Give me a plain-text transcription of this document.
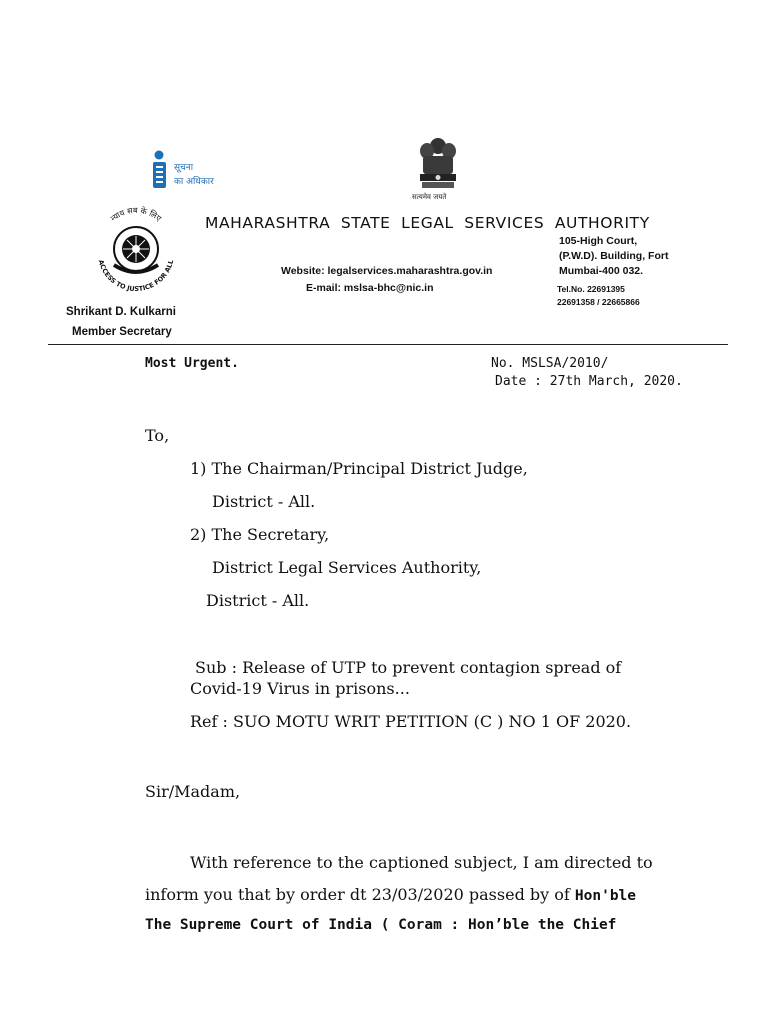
सूचना
का अधिकार
सत्यमेव जयते
न्याय सब के लिए
ACCESS TO JUSTICE FOR ALL
MAHARASHTRA STATE LEGAL SERVICES AUTHORITY
105-High Court,
(P.W.D). Building, Fort
Mumbai-400 032.
Website: legalservices.maharashtra.gov.in
E-mail: mslsa-bhc@nic.in	Tel.No. 22691395
22691358 / 22665866
Shrikant D. Kulkarni
Member Secretary
Most Urgent.	No. MSLSA/2010/
Date : 27th March, 2020.
To,
1) The Chairman/Principal District Judge,
District - All.
2) The Secretary,
District Legal Services Authority,
District - All.
Sub : Release of UTP to prevent contagion spread of
Covid-19 Virus in prisons...
Ref : SUO MOTU WRIT PETITION (C ) NO 1 OF 2020.
Sir/Madam,
With reference to the captioned subject, I am directed to
inform you that by order dt 23/03/2020 passed by of Hon'ble
The Supreme Court of India ( Coram : Hon’ble the Chief
